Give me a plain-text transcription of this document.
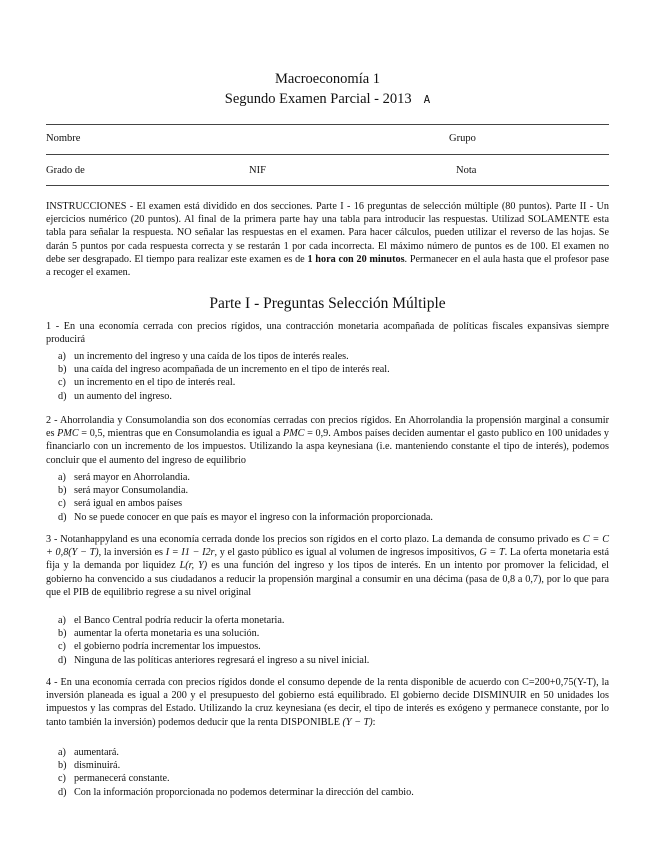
Macroeconomía 1
Segundo Examen Parcial - 2013 A
Nombre	Grupo
Grado de	NIF	Nota
INSTRUCCIONES - El examen está dividido en dos secciones. Parte I - 16 preguntas de selección múltiple (80 puntos). Parte II - Un ejercicios numérico (20 puntos). Al final de la primera parte hay una tabla para introducir las respuestas. Utilizad SOLAMENTE esta tabla para señalar la respuesta. NO señalar las respuestas en el examen. Para hacer cálculos, pueden utilizar el reverso de las hojas. Se darán 5 puntos por cada respuesta correcta y se restarán 1 por cada incorrecta. El máximo número de puntos es de 100. El examen no debe ser desgrapado. El tiempo para realizar este examen es de 1 hora con 20 minutos. Permanecer en el aula hasta que el profesor pase a recoger el examen.
Parte I - Preguntas Selección Múltiple
1 - En una economía cerrada con precios rígidos, una contracción monetaria acompañada de políticas fiscales expansivas siempre producirá
a) un incremento del ingreso y una caída de los tipos de interés reales.
b) una caída del ingreso acompañada de un incremento en el tipo de interés real.
c) un incremento en el tipo de interés real.
d) un aumento del ingreso.
2 - Ahorrolandia y Consumolandia son dos economías cerradas con precios rígidos. En Ahorrolandia la propensión marginal a consumir es PMC = 0,5, mientras que en Consumolandia es igual a PMC = 0,9. Ambos países deciden aumentar el gasto publico en 100 unidades y financiarlo con un incremento de los impuestos. Utilizando la aspa keynesiana (i.e. manteniendo constante el tipo de interés), podemos concluir que el aumento del ingreso de equilibrio
a) será mayor en Ahorrolandia.
b) será mayor Consumolandia.
c) será igual en ambos países
d) No se puede conocer en que país es mayor el ingreso con la información proporcionada.
3 - Notanhappyland es una economía cerrada donde los precios son rígidos en el corto plazo. La demanda de consumo privado es C = C + 0,8(Y − T), la inversión es I = I1 − I2r, y el gasto público es igual al volumen de ingresos impositivos, G = T. La oferta monetaria está fija y la demanda por liquidez L(r, Y) es una función del ingreso y los tipos de interés. En un intento por promover la felicidad, el gobierno ha convencido a sus ciudadanos a reducir la propensión marginal a consumir en una décima (pasa de 0,8 a 0,7), por lo que para que el PIB de equilibrio regrese a su nivel original
a) el Banco Central podría reducir la oferta monetaria.
b) aumentar la oferta monetaria es una solución.
c) el gobierno podría incrementar los impuestos.
d) Ninguna de las políticas anteriores regresará el ingreso a su nivel inicial.
4 - En una economía cerrada con precios rígidos donde el consumo depende de la renta disponible de acuerdo con C=200+0,75(Y-T), la inversión planeada es igual a 200 y el presupuesto del gobierno está equilibrado. El gobierno decide DISMINUIR en 50 unidades los impuestos y las compras del Estado. Utilizando la cruz keynesiana (es decir, el tipo de interés es exógeno y permanece constante, por lo tanto también la inversión) podemos deducir que la renta DISPONIBLE (Y − T):
a) aumentará.
b) disminuirá.
c) permanecerá constante.
d) Con la información proporcionada no podemos determinar la dirección del cambio.
